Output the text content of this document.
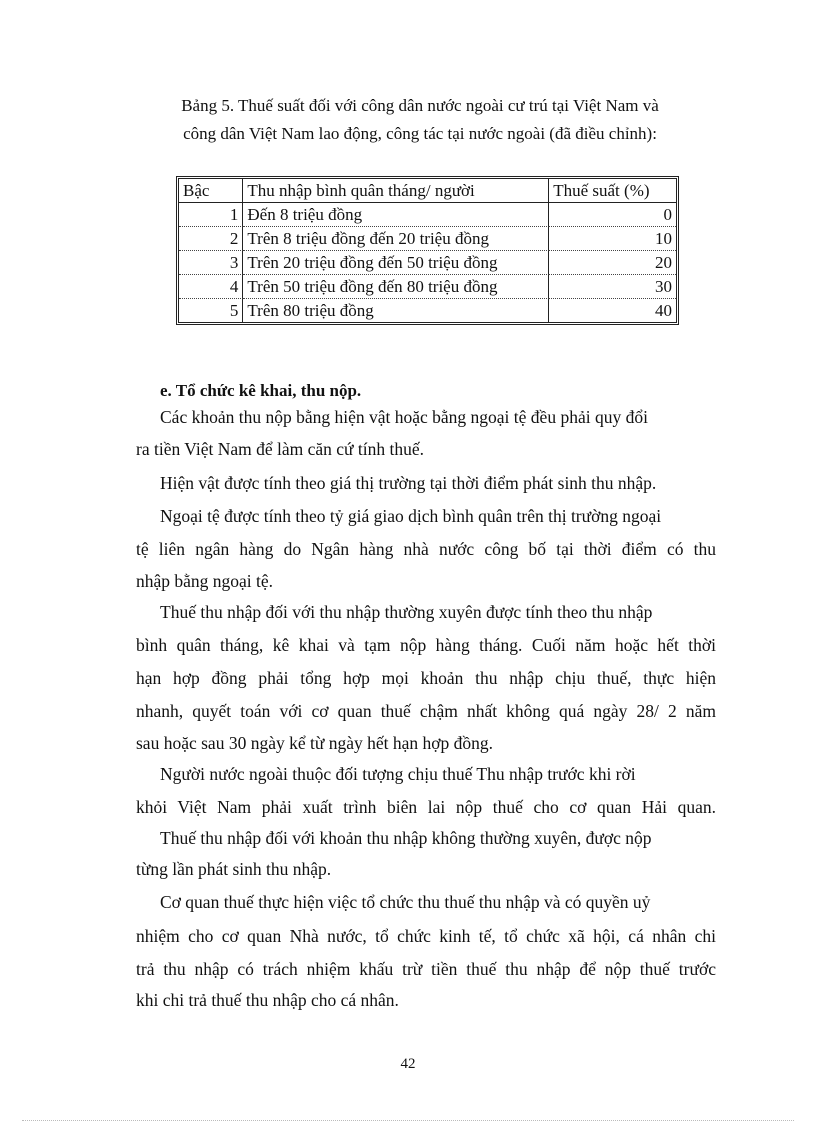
Bảng 5. Thuế suất đối với công dân nước ngoài cư trú tại Việt Nam và
công dân Việt Nam lao động, công tác tại nước ngoài (đã điều chỉnh):
Bậc	Thu nhập bình quân tháng/ người	Thuế suất (%)
1	Đến 8 triệu đồng	0
2	Trên 8 triệu đồng đến 20 triệu đồng	10
3	Trên 20 triệu đồng đến 50 triệu đồng	20
4	Trên 50 triệu đồng đến 80 triệu đồng	30
5	Trên 80 triệu đồng	40
e. Tổ chức kê khai, thu nộp.
Các khoản thu nộp bằng hiện vật hoặc bằng ngoại tệ đều phải quy đổi
ra tiền Việt Nam để làm căn cứ tính thuế.
Hiện vật được tính theo giá thị trường tại thời điểm phát sinh thu nhập.
Ngoại tệ được tính theo tỷ giá giao dịch bình quân trên thị trường ngoại
tệ liên ngân hàng do Ngân hàng nhà nước công bố tại thời điểm có thu
nhập bằng ngoại tệ.
Thuế thu nhập đối với thu nhập thường xuyên được tính theo thu nhập
bình quân tháng, kê khai và tạm nộp hàng tháng. Cuối năm hoặc hết thời
hạn hợp đồng phải tổng hợp mọi khoản thu nhập chịu thuế, thực hiện
nhanh, quyết toán với cơ quan thuế chậm nhất không quá ngày 28/ 2 năm
sau hoặc sau 30 ngày kể từ ngày hết hạn hợp đồng.
Người nước ngoài thuộc đối tượng chịu thuế Thu nhập trước khi rời
khỏi Việt Nam phải xuất trình biên lai nộp thuế cho cơ quan Hải quan.
Thuế thu nhập đối với khoản thu nhập không thường xuyên, được nộp
từng lần phát sinh thu nhập.
Cơ quan thuế thực hiện việc tổ chức thu thuế thu nhập và có quyền uỷ
nhiệm cho cơ quan Nhà nước, tổ chức kinh tế, tổ chức xã hội, cá nhân chi
trả thu nhập có trách nhiệm khấu trừ tiền thuế thu nhập để nộp thuế trước
khi chi trả thuế thu nhập cho cá nhân.
42
